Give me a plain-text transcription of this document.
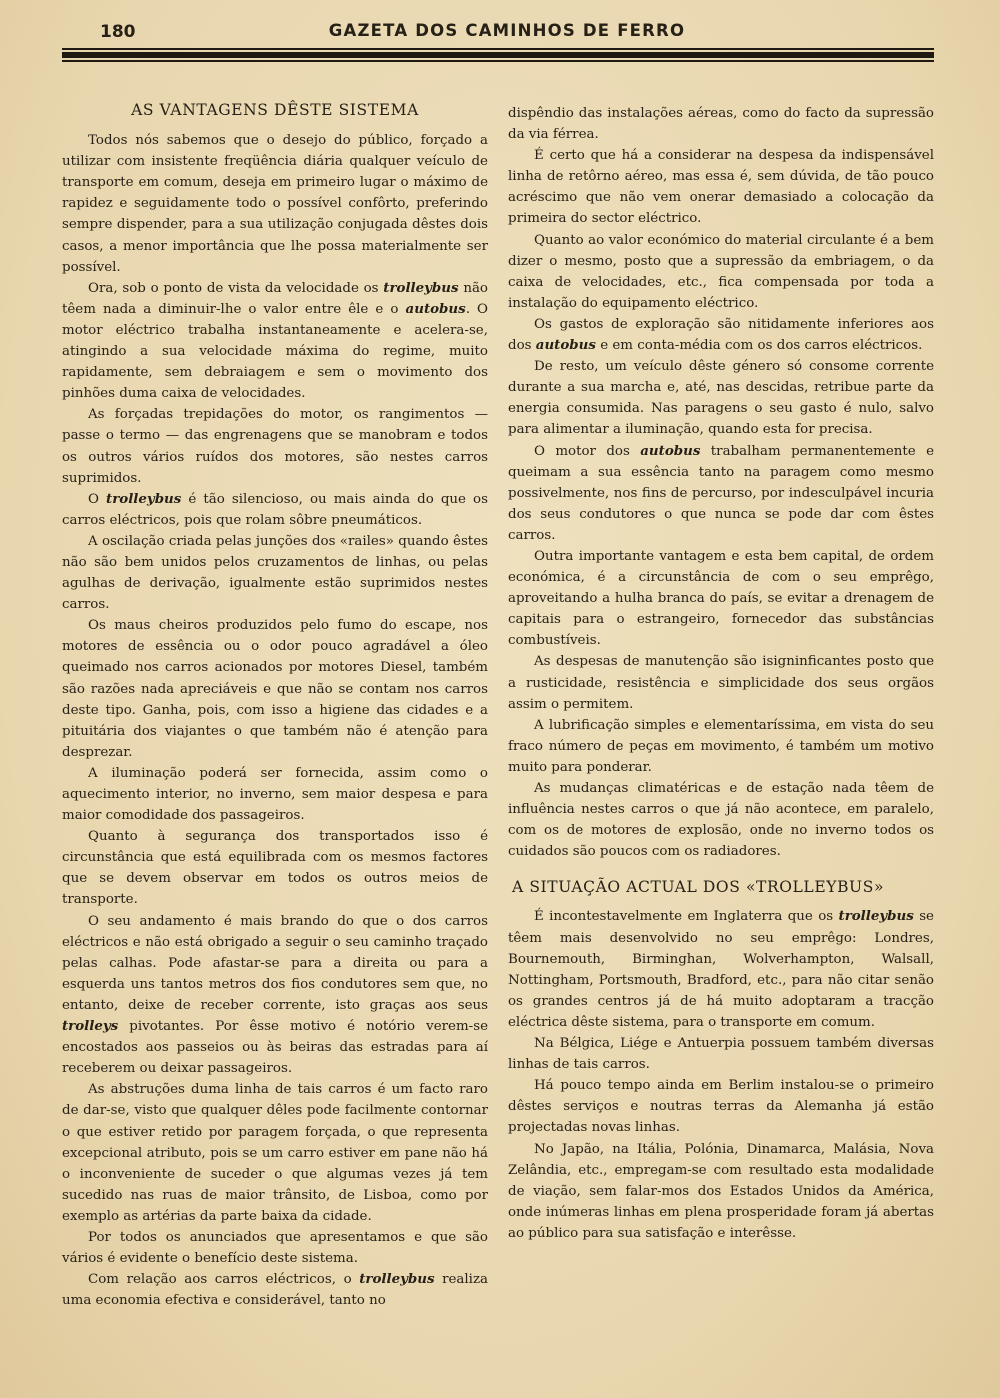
180	GAZETA DOS CAMINHOS DE FERRO
AS VANTAGENS DÊSTE SISTEMA

Todos nós sabemos que o desejo do público, forçado a utilizar com insistente freqüência diária qualquer veículo de transporte em comum, deseja em primeiro lugar o máximo de rapidez e seguidamente todo o possível confôrto, preferindo sempre dispender, para a sua utilização conjugada dêstes dois casos, a menor importância que lhe possa materialmente ser possível.

Ora, sob o ponto de vista da velocidade os trolleybus não têem nada a diminuir-lhe o valor entre êle e o autobus. O motor eléctrico trabalha instantaneamente e acelera-se, atingindo a sua velocidade máxima do regime, muito rapidamente, sem debraiagem e sem o movimento dos pinhões duma caixa de velocidades.

As forçadas trepidações do motor, os rangimentos — passe o termo — das engrenagens que se manobram e todos os outros vários ruídos dos motores, são nestes carros suprimidos.

O trolleybus é tão silencioso, ou mais ainda do que os carros eléctricos, pois que rolam sôbre pneumáticos.

A oscilação criada pelas junções dos «railes» quando êstes não são bem unidos pelos cruzamentos de linhas, ou pelas agulhas de derivação, igualmente estão suprimidos nestes carros.

Os maus cheiros produzidos pelo fumo do escape, nos motores de essência ou o odor pouco agradável a óleo queimado nos carros acionados por motores Diesel, também são razões nada apreciáveis e que não se contam nos carros deste tipo. Ganha, pois, com isso a higiene das cidades e a pituitária dos viajantes o que também não é atenção para desprezar.

A iluminação poderá ser fornecida, assim como o aquecimento interior, no inverno, sem maior despesa e para maior comodidade dos passageiros.

Quanto à segurança dos transportados isso é circunstância que está equilibrada com os mesmos factores que se devem observar em todos os outros meios de transporte.

O seu andamento é mais brando do que o dos carros eléctricos e não está obrigado a seguir o seu caminho traçado pelas calhas. Pode afastar-se para a direita ou para a esquerda uns tantos metros dos fios condutores sem que, no entanto, deixe de receber corrente, isto graças aos seus trolleys pivotantes. Por êsse motivo é notório verem-se encostados aos passeios ou às beiras das estradas para aí receberem ou deixar passageiros.

As abstruções duma linha de tais carros é um facto raro de dar-se, visto que qualquer dêles pode facilmente contornar o que estiver retido por paragem forçada, o que representa excepcional atributo, pois se um carro estiver em pane não há o inconveniente de suceder o que algumas vezes já tem sucedido nas ruas de maior trânsito, de Lisboa, como por exemplo as artérias da parte baixa da cidade.

Por todos os anunciados que apresentamos e que são vários é evidente o benefício deste sistema.

Com relação aos carros eléctricos, o trolleybus realiza uma economia efectiva e considerável, tanto no

dispêndio das instalações aéreas, como do facto da supressão da via férrea.

É certo que há a considerar na despesa da indispensável linha de retôrno aéreo, mas essa é, sem dúvida, de tão pouco acréscimo que não vem onerar demasiado a colocação da primeira do sector eléctrico.

Quanto ao valor económico do material circulante é a bem dizer o mesmo, posto que a supressão da embriagem, o da caixa de velocidades, etc., fica compensada por toda a instalação do equipamento eléctrico.

Os gastos de exploração são nitidamente inferiores aos dos autobus e em conta-média com os dos carros eléctricos.

De resto, um veículo dêste género só consome corrente durante a sua marcha e, até, nas descidas, retribue parte da energia consumida. Nas paragens o seu gasto é nulo, salvo para alimentar a iluminação, quando esta for precisa.

O motor dos autobus trabalham permanentemente e queimam a sua essência tanto na paragem como mesmo possivelmente, nos fins de percurso, por indesculpável incuria dos seus condutores o que nunca se pode dar com êstes carros.

Outra importante vantagem e esta bem capital, de ordem económica, é a circunstância de com o seu emprêgo, aproveitando a hulha branca do país, se evitar a drenagem de capitais para o estrangeiro, fornecedor das substâncias combustíveis.

As despesas de manutenção são isigninficantes posto que a rusticidade, resistência e simplicidade dos seus orgãos assim o permitem.

A lubrificação simples e elementaríssima, em vista do seu fraco número de peças em movimento, é também um motivo muito para ponderar.

As mudanças climatéricas e de estação nada têem de influência nestes carros o que já não acontece, em paralelo, com os de motores de explosão, onde no inverno todos os cuidados são poucos com os radiadores.

A SITUAÇÃO ACTUAL DOS «TROLLEYBUS»

É incontestavelmente em Inglaterra que os trolleybus se têem mais desenvolvido no seu emprêgo: Londres, Bournemouth, Birminghan, Wolverhampton, Walsall, Nottingham, Portsmouth, Bradford, etc., para não citar senão os grandes centros já de há muito adoptaram a tracção eléctrica dêste sistema, para o transporte em comum.

Na Bélgica, Liége e Antuerpia possuem também diversas linhas de tais carros.

Há pouco tempo ainda em Berlim instalou-se o primeiro dêstes serviços e noutras terras da Alemanha já estão projectadas novas linhas.

No Japão, na Itália, Polónia, Dinamarca, Malásia, Nova Zelândia, etc., empregam-se com resultado esta modalidade de viação, sem falar-mos dos Estados Unidos da América, onde inúmeras linhas em plena prosperidade foram já abertas ao público para sua satisfação e interêsse.
